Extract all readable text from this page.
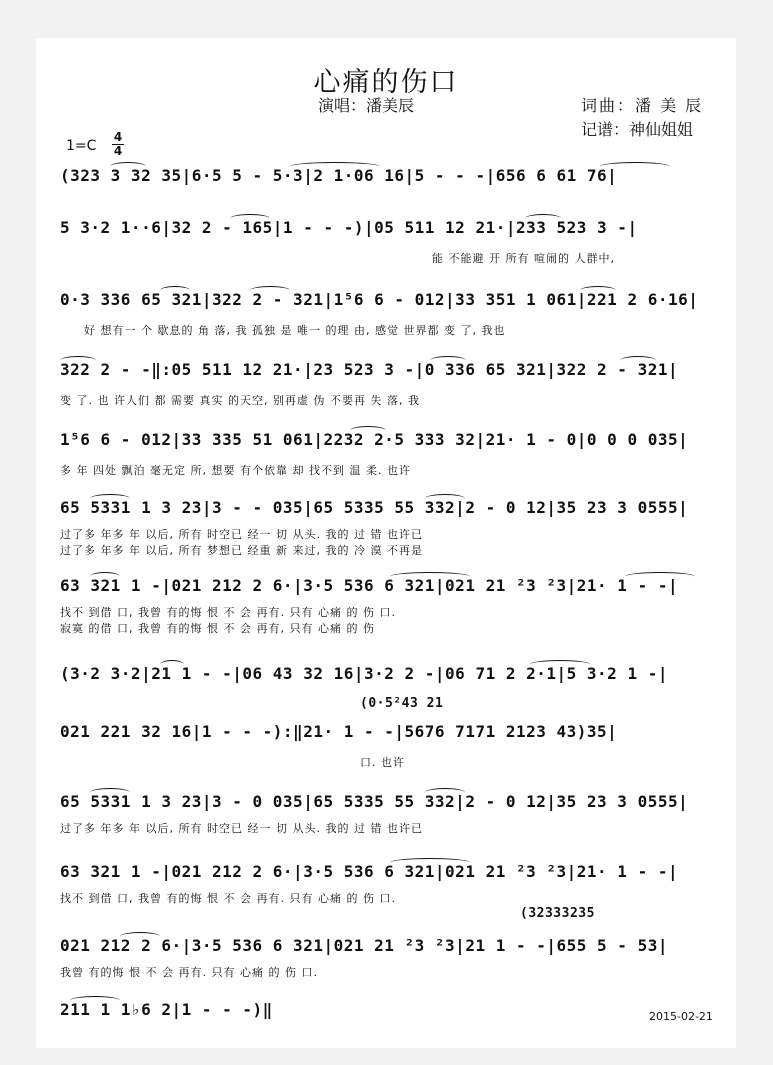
心痛的伤口
演唱：潘美辰	词曲：潘 美 辰
记谱：神仙姐姐
1=C
4
4
(323 3 32 35|6·5 5 - 5·3|2 1·06 16|5 - - -|656 6 61 76|
5 3·2 1··6|32 2 - 165|1 - - -)|05 511 12 21·|233 523 3 -|
能 不能避 开 所有 喧闹的 人群中,
0·3 336 65 321|322 2 - 321|1⁵6 6 - 012|33 351 1 061|221 2 6·16|
好 想有一 个 歇息的 角 落, 我 孤独 是 唯一 的理 由, 感觉 世界都 变 了, 我也
322 2 - -‖:05 511 12 21·|23 523 3 -|0 336 65 321|322 2 - 321|
变 了. 也 许人们 都 需要 真实 的天空, 别再虚 伪 不要再 失 落, 我
1⁵6 6 - 012|33 335 51 061|2232 2·5 333 32|21· 1 - 0|0 0 0 035|
多 年 四处 飘泊 毫无定 所, 想要 有个依靠 却 找不到 温 柔. 也许
65 5331 1 3 23|3 - - 035|65 5335 55 332|2 - 0 12|35 23 3 0555|
过了多 年多 年 以后, 所有 时空已 经一 切 从头. 我的 过 错 也许已
过了多 年多 年 以后, 所有 梦想已 经重 新 来过, 我的 冷 漠 不再是
63 321 1 -|021 212 2 6·|3·5 536 6 321|021 21 ²3 ²3|21· 1 - -|
找不 到借 口, 我曾 有的悔 恨 不 会 再有. 只有 心痛 的 伤 口.
寂寞 的借 口, 我曾 有的悔 恨 不 会 再有, 只有 心痛 的 伤
(3·2 3·2|21 1 - -|06 43 32 16|3·2 2 -|06 71 2 2·1|5 3·2 1 -|
(0·5²43 21
021 221 32 16|1 - - -):‖21· 1 - -|5676 7171 2123 43)35|
口. 也许
65 5331 1 3 23|3 - 0 035|65 5335 55 332|2 - 0 12|35 23 3 0555|
过了多 年多 年 以后, 所有 时空已 经一 切 从头. 我的 过 错 也许已
63 321 1 -|021 212 2 6·|3·5 536 6 321|021 21 ²3 ²3|21· 1 - -|
找不 到借 口, 我曾 有的悔 恨 不 会 再有. 只有 心痛 的 伤 口.
(32333235
021 212 2 6·|3·5 536 6 321|021 21 ²3 ²3|21 1 - -|655 5 - 53|
我曾 有的悔 恨 不 会 再有. 只有 心痛 的 伤 口.
211 1 1♭6 2|1 - - -)‖	2015-02-21
